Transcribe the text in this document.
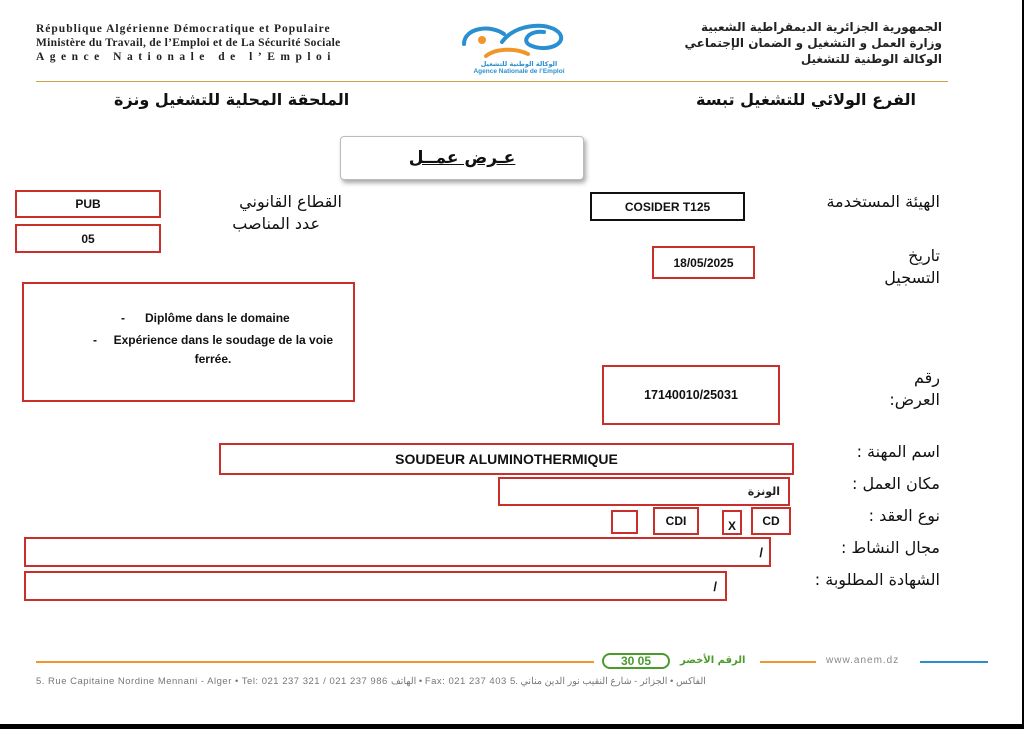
République Algérienne Démocratique et Populaire
Ministère du Travail, de l’Emploi et de La Sécurité Sociale
Agence Nationale de l’Emploi
الوكالة الوطنية للتشغيل
Agence Nationale de l’Emploi
الجمهورية الجزائرية الديمقراطية الشعبية
وزارة العمل و التشغيل و الضمان الإجتماعي
الوكالة الوطنية للتشغيل
الفرع الولائي للتشغيل تبسة
الملحقة المحلية للتشغيل ونزة
عـرض عمــل
الهيئة المستخدمة
COSIDER T125
القطاع القانوني
عدد المناصب
PUB
05
تاريخ
التسجيل
18/05/2025
-      Diplôme dans le domaine
-     Expérience dans le soudage de la voie ferrée.
رقم
العرض:
17140010/25031
اسم المهنة :
SOUDEUR ALUMINOTHERMIQUE
مكان العمل :
الونزة
نوع العقد :
CD
X
CDI
مجال النشاط :
/
الشهادة المطلوبة :
/
30 05	الرقم الأخضر	www.anem.dz
5. Rue Capitaine Nordine Mennani - Alger • Tel: 021 237 321 / 021 237 986 الهاتف • Fax: 021 237 403 الفاكس • الجزائر - شارع النقيب نور الدين مناني .5
